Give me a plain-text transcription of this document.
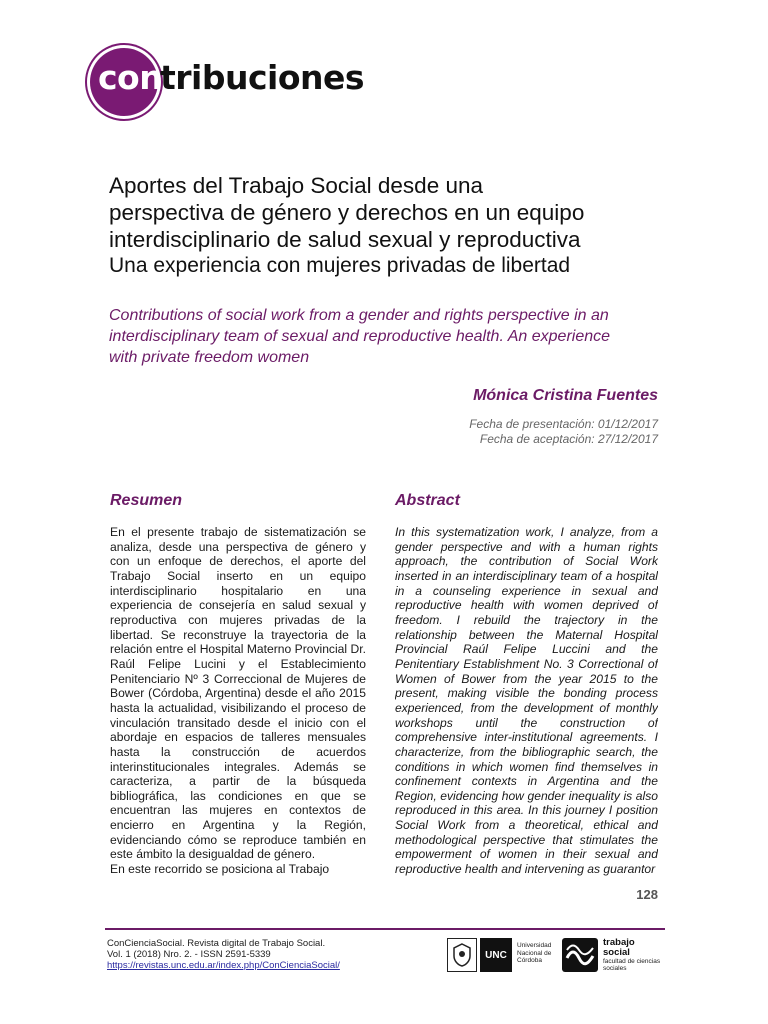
con
tribuciones
Aportes del Trabajo Social desde una
perspectiva de género y derechos en un equipo
interdisciplinario de salud sexual y reproductiva
Una experiencia con mujeres privadas de libertad
Contributions of social work from a gender and rights perspective in an
interdisciplinary team of sexual and reproductive health. An experience
with private freedom women
Mónica Cristina Fuentes
Fecha de presentación: 01/12/2017
Fecha de aceptación: 27/12/2017
Resumen	Abstract

En el presente trabajo de sistematización se analiza, desde una perspectiva de género y con un enfoque de derechos, el aporte del Trabajo Social inserto en un equipo interdisciplinario hospitalario en una experiencia de consejería en salud sexual y reproductiva con mujeres privadas de la libertad. Se reconstruye la trayectoria de la relación entre el Hospital Materno Provincial Dr. Raúl Felipe Lucini y el Establecimiento Penitenciario Nº 3 Correccional de Mujeres de Bower (Córdoba, Argentina) desde el año 2015 hasta la actualidad, visibilizando el proceso de vinculación transitado desde el inicio con el abordaje en espacios de talleres mensuales hasta la construcción de acuerdos interinstitucionales integrales. Además se caracteriza, a partir de la búsqueda bibliográfica, las condiciones en que se encuentran las mujeres en contextos de encierro en Argentina y la Región, evidenciando cómo se reproduce también en este ámbito la desigualdad de género.

En este recorrido se posiciona al Trabajo

In this systematization work, I analyze, from a gender perspective and with a human rights approach, the contribution of Social Work inserted in an interdisciplinary team of a hospital in a counseling experience in sexual and reproductive health with women deprived of freedom. I rebuild the trajectory in the relationship between the Maternal Hospital Provincial Raúl Felipe Luccini and the Penitentiary Establishment No. 3 Correctional of Women of Bower from the year 2015 to the present, making visible the bonding process experienced, from the development of monthly workshops until the construction of comprehensive inter-institutional agreements. I characterize, from the bibliographic search, the conditions in which women find themselves in confinement contexts in Argentina and the Region, evidencing how gender inequality is also reproduced in this area. In this journey I position Social Work from a theoretical, ethical and methodological perspective that stimulates the empowerment of women in their sexual and reproductive health and intervening as guarantor

128
ConCienciaSocial. Revista digital de Trabajo Social.
Vol. 1 (2018) Nro. 2. - ISSN 2591-5339
https://revistas.unc.edu.ar/index.php/ConCienciaSocial/
UNC
Universidad Nacional de Córdoba
trabajo
social
facultad de ciencias sociales
